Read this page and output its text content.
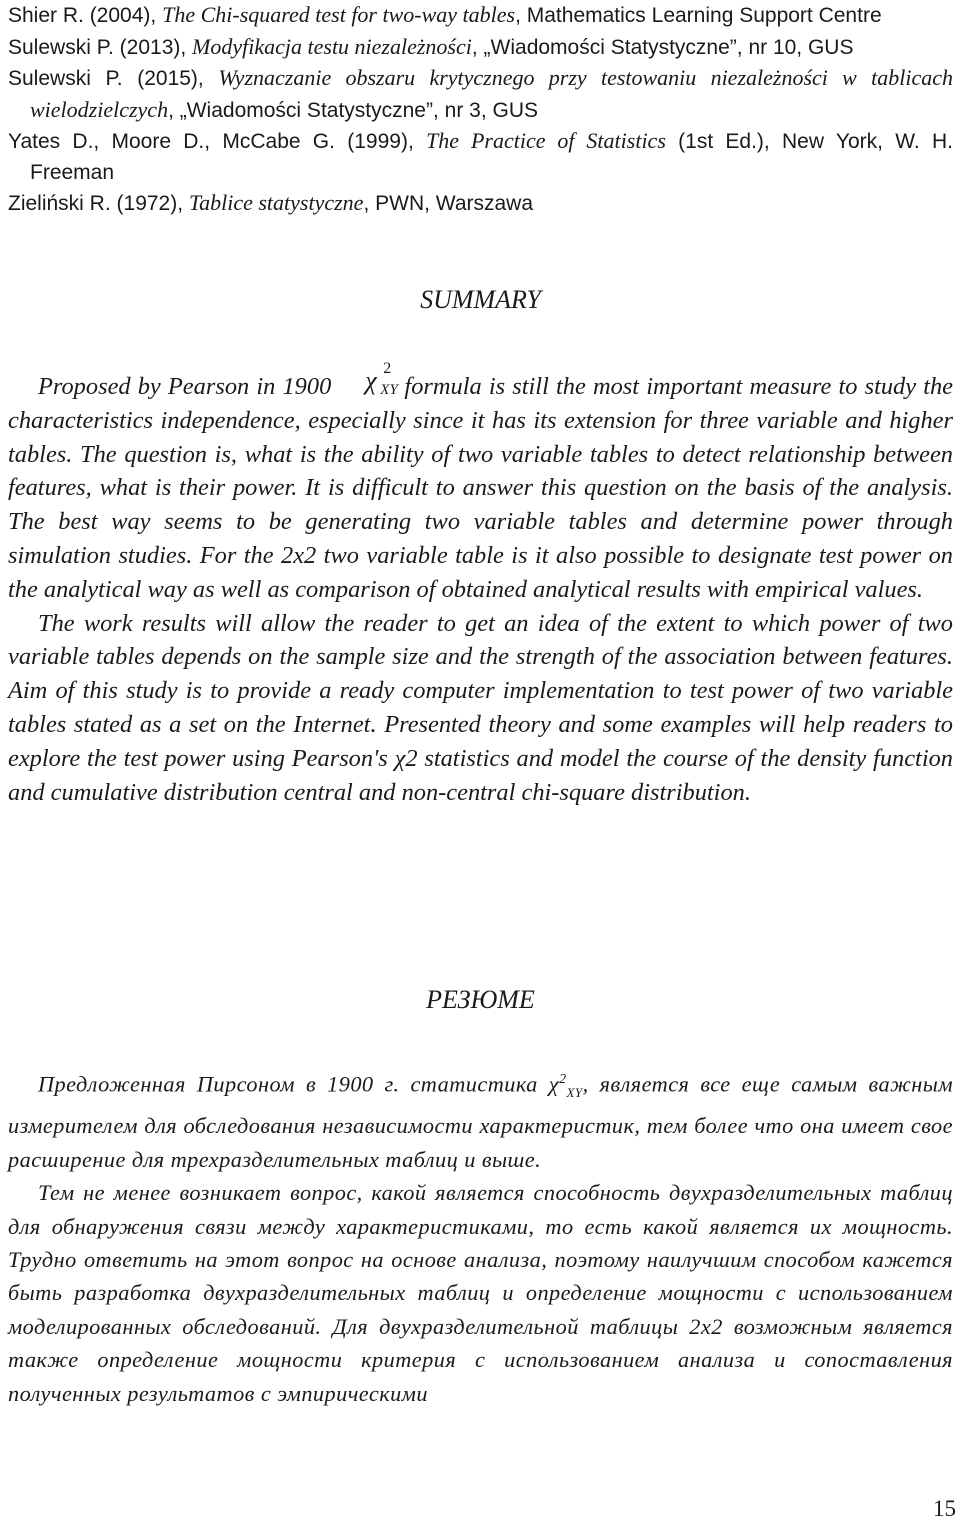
Shier R. (2004), The Chi-squared test for two-way tables, Mathematics Learning Support Centre

Sulewski P. (2013), Modyfikacja testu niezależności, „Wiadomości Statystyczne”, nr 10, GUS

Sulewski P. (2015), Wyznaczanie obszaru krytycznego przy testowaniu niezależności w tablicach wielodzielczych, „Wiadomości Statystyczne”, nr 3, GUS

Yates D., Moore D., McCabe G. (1999), The Practice of Statistics (1st Ed.), New York, W. H. Freeman

Zieliński R. (1972), Tablice statystyczne, PWN, Warszawa

SUMMARY

Proposed by Pearson in 1900	χ 2
XY formula is still the most important measure to study the characteristics independence, especially since it has its extension for three variable and higher tables. The question is, what is the ability of two variable tables to detect relationship between features, what is their power. It is difficult to answer this question on the basis of the analysis. The best way seems to be generating two variable tables and determine power through simulation studies. For the 2x2 two variable table is it also possible to designate test power on the analytical way as well as comparison of obtained analytical results with empirical values.

The work results will allow the reader to get an idea of the extent to which power of two variable tables depends on the sample size and the strength of the association between features. Aim of this study is to provide a ready computer implementation to test power of two variable tables stated as a set on the Internet. Presented theory and some examples will help readers to explore the test power using Pearson's χ2 statistics and model the course of the density function and cumulative distribution central and non-central chi-square distribution.

РЕЗЮМЕ

Предложенная Пирсоном в 1900 г. статистика $\chi^2_{XY}$, является все еще самым важным измерителем для обследования независимости характеристик, тем более что она имеет свое расширение для трехразделительных таблиц и выше.

Тем не менее возникает вопрос, какой является способность двухразделительных таблиц для обнаружения связи между характеристиками, то есть какой является их мощность. Трудно ответить на этот вопрос на основе анализа, поэтому наилучшим способом кажется быть разработка двухразделительных таблиц и определение мощности с использованием моделированных обследований. Для двухразделительной таблицы 2x2 возможным является также определение мощности критерия с использованием анализа и сопоставления полученных результатов с эмпирическими

15
